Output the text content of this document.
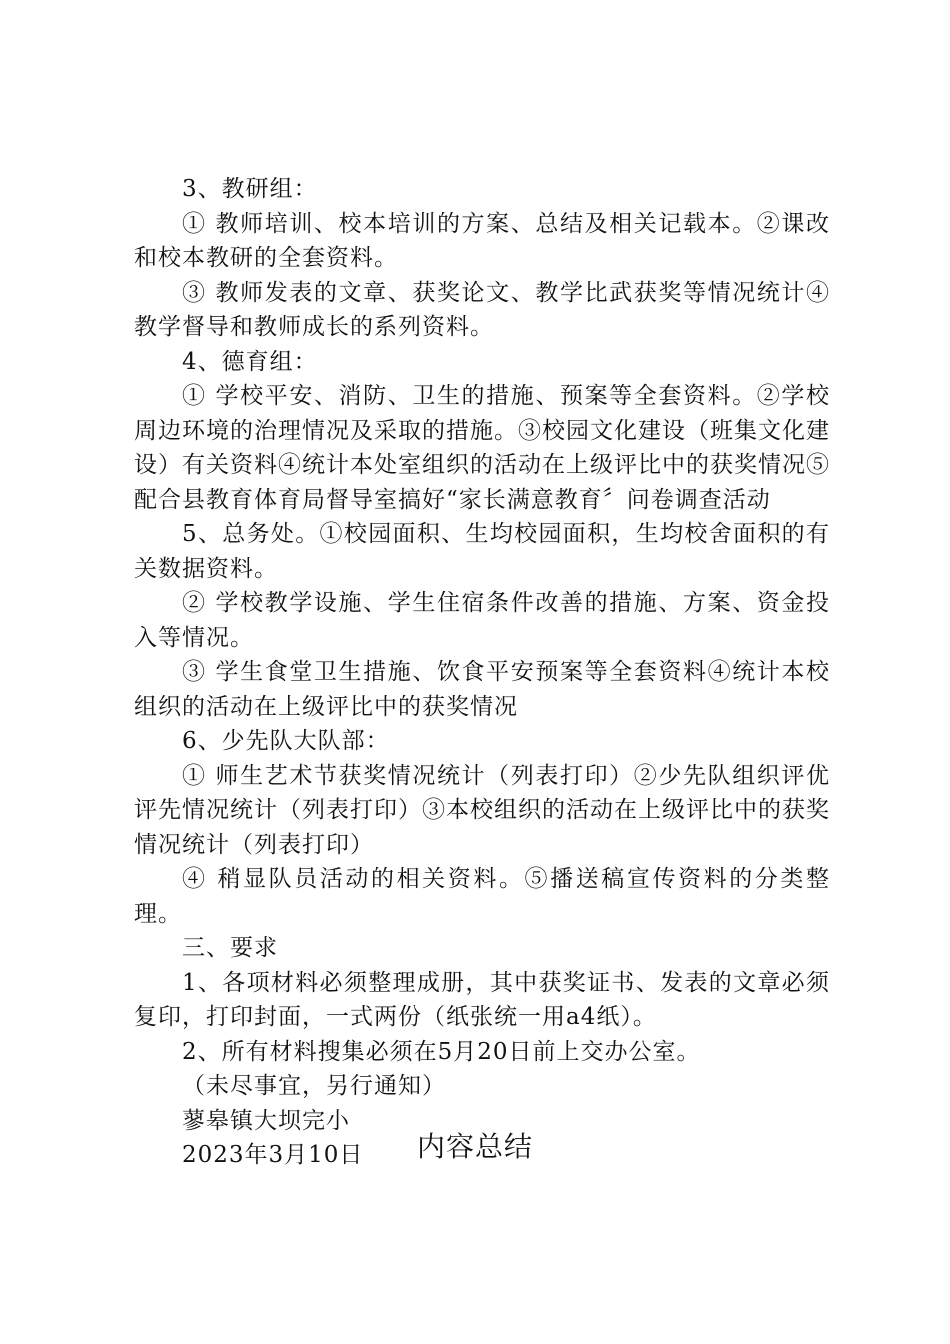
3、教研组：

① 教师培训、校本培训的方案、总结及相关记载本。②课改和校本教研的全套资料。

③ 教师发表的文章、获奖论文、教学比武获奖等情况统计④教学督导和教师成长的系列资料。

4、德育组：

① 学校平安、消防、卫生的措施、预案等全套资料。②学校周边环境的治理情况及采取的措施。③校园文化建设（班集文化建设）有关资料④统计本处室组织的活动在上级评比中的获奖情况⑤配合县教育体育局督导室搞好“家长满意教育〞问卷调查活动

5、总务处。①校园面积、生均校园面积，生均校舍面积的有关数据资料。

② 学校教学设施、学生住宿条件改善的措施、方案、资金投入等情况。

③ 学生食堂卫生措施、饮食平安预案等全套资料④统计本校组织的活动在上级评比中的获奖情况

6、少先队大队部：

① 师生艺术节获奖情况统计（列表打印）②少先队组织评优评先情况统计（列表打印）③本校组织的活动在上级评比中的获奖情况统计（列表打印）

④ 稍显队员活动的相关资料。⑤播送稿宣传资料的分类整理。

三、要求

1、各项材料必须整理成册，其中获奖证书、发表的文章必须复印，打印封面，一式两份（纸张统一用a4纸）。

2、所有材料搜集必须在5月20日前上交办公室。

（未尽事宜，另行通知）

蓼皋镇大坝完小

2023年3月10日	内容总结
